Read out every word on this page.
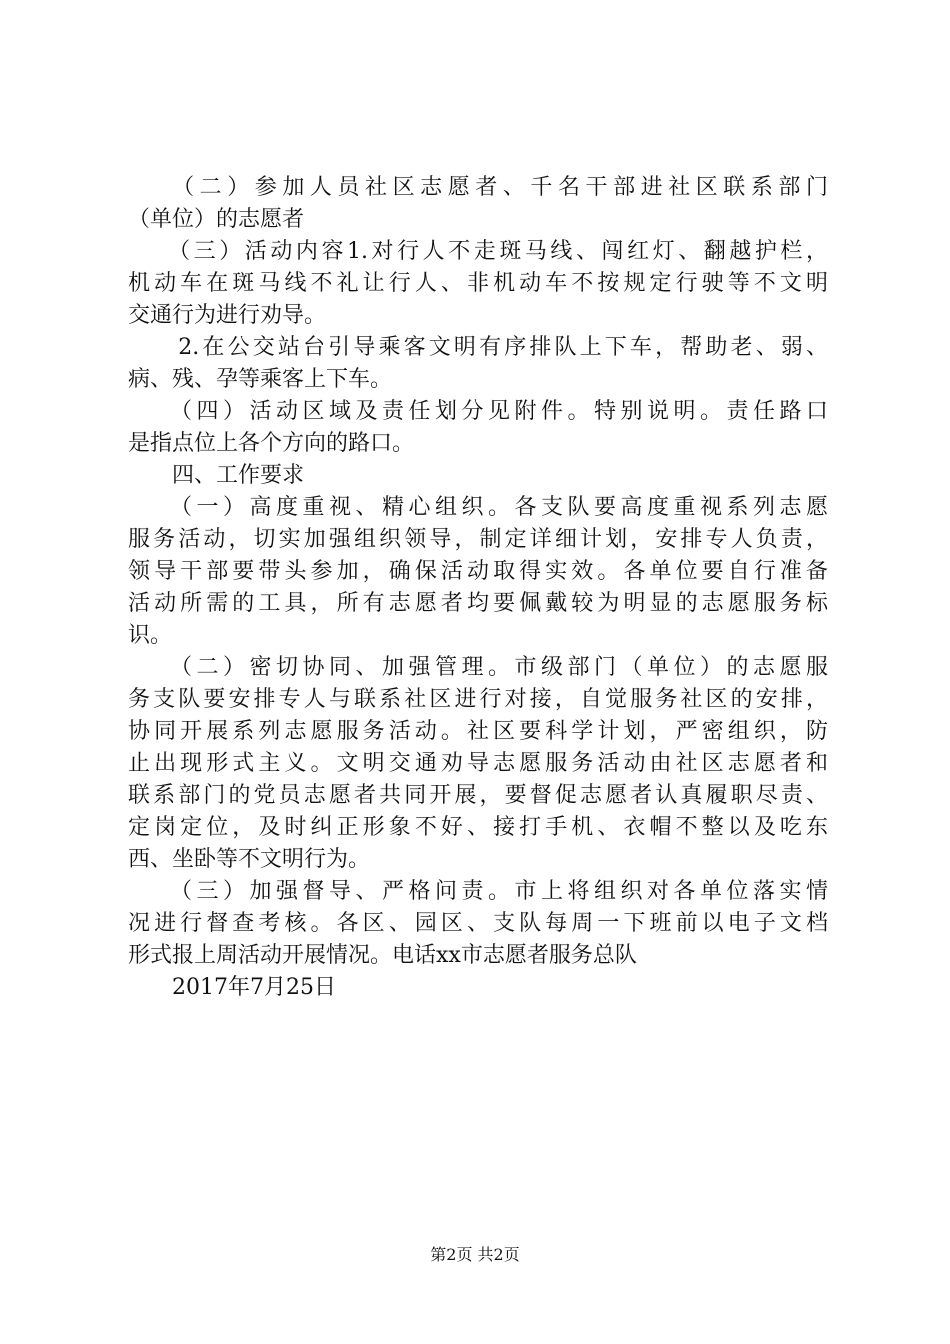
　　（二）参加人员社区志愿者、千名干部进社区联系部门
（单位）的志愿者
　　（三）活动内容1.对行人不走斑马线、闯红灯、翻越护栏，
机动车在斑马线不礼让行人、非机动车不按规定行驶等不文明
交通行为进行劝导。
　　2.在公交站台引导乘客文明有序排队上下车，帮助老、弱、
病、残、孕等乘客上下车。
　　（四）活动区域及责任划分见附件。特别说明。责任路口
是指点位上各个方向的路口。
　　四、工作要求
　　（一）高度重视、精心组织。各支队要高度重视系列志愿
服务活动，切实加强组织领导，制定详细计划，安排专人负责，
领导干部要带头参加，确保活动取得实效。各单位要自行准备
活动所需的工具，所有志愿者均要佩戴较为明显的志愿服务标
识。
　　（二）密切协同、加强管理。市级部门（单位）的志愿服
务支队要安排专人与联系社区进行对接，自觉服务社区的安排，
协同开展系列志愿服务活动。社区要科学计划，严密组织，防
止出现形式主义。文明交通劝导志愿服务活动由社区志愿者和
联系部门的党员志愿者共同开展，要督促志愿者认真履职尽责、
定岗定位，及时纠正形象不好、接打手机、衣帽不整以及吃东
西、坐卧等不文明行为。
　　（三）加强督导、严格问责。市上将组织对各单位落实情
况进行督查考核。各区、园区、支队每周一下班前以电子文档
形式报上周活动开展情况。电话xx市志愿者服务总队
　　2017年7月25日
第2页 共2页
